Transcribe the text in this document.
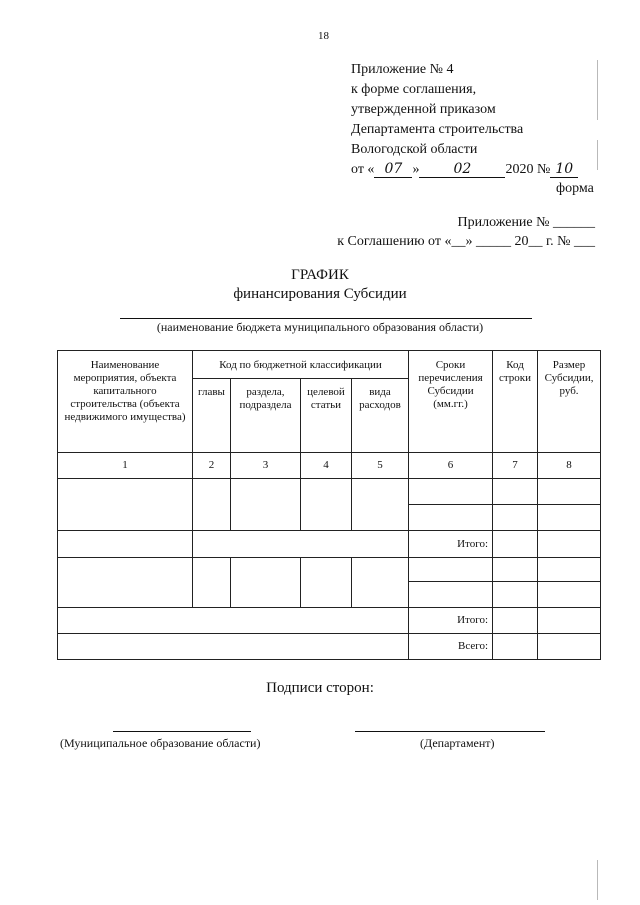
18
Приложение № 4
к форме соглашения,
утвержденной приказом
Департамента строительства
Вологодской области
от « 07 » 02 2020 № 10
форма
Приложение № ______
к Соглашению от «__» _____ 20__ г. № ___
ГРАФИК
финансирования Субсидии
(наименование бюджета муниципального образования области)
Наименование мероприятия, объекта капитального строительства (объекта недвижимого имущества)	Код по бюджетной классификации				Сроки перечисления Субсидии (мм.гг.)	Код строки	Размер Субсидии, руб.
	главы	раздела, подраздела	целевой статьи	вида расходов			
1	2	3	4	5	6	7	8

					Итого:		

					Итого:		
					Всего:		
Подписи сторон:
(Муниципальное образование области)	(Департамент)
